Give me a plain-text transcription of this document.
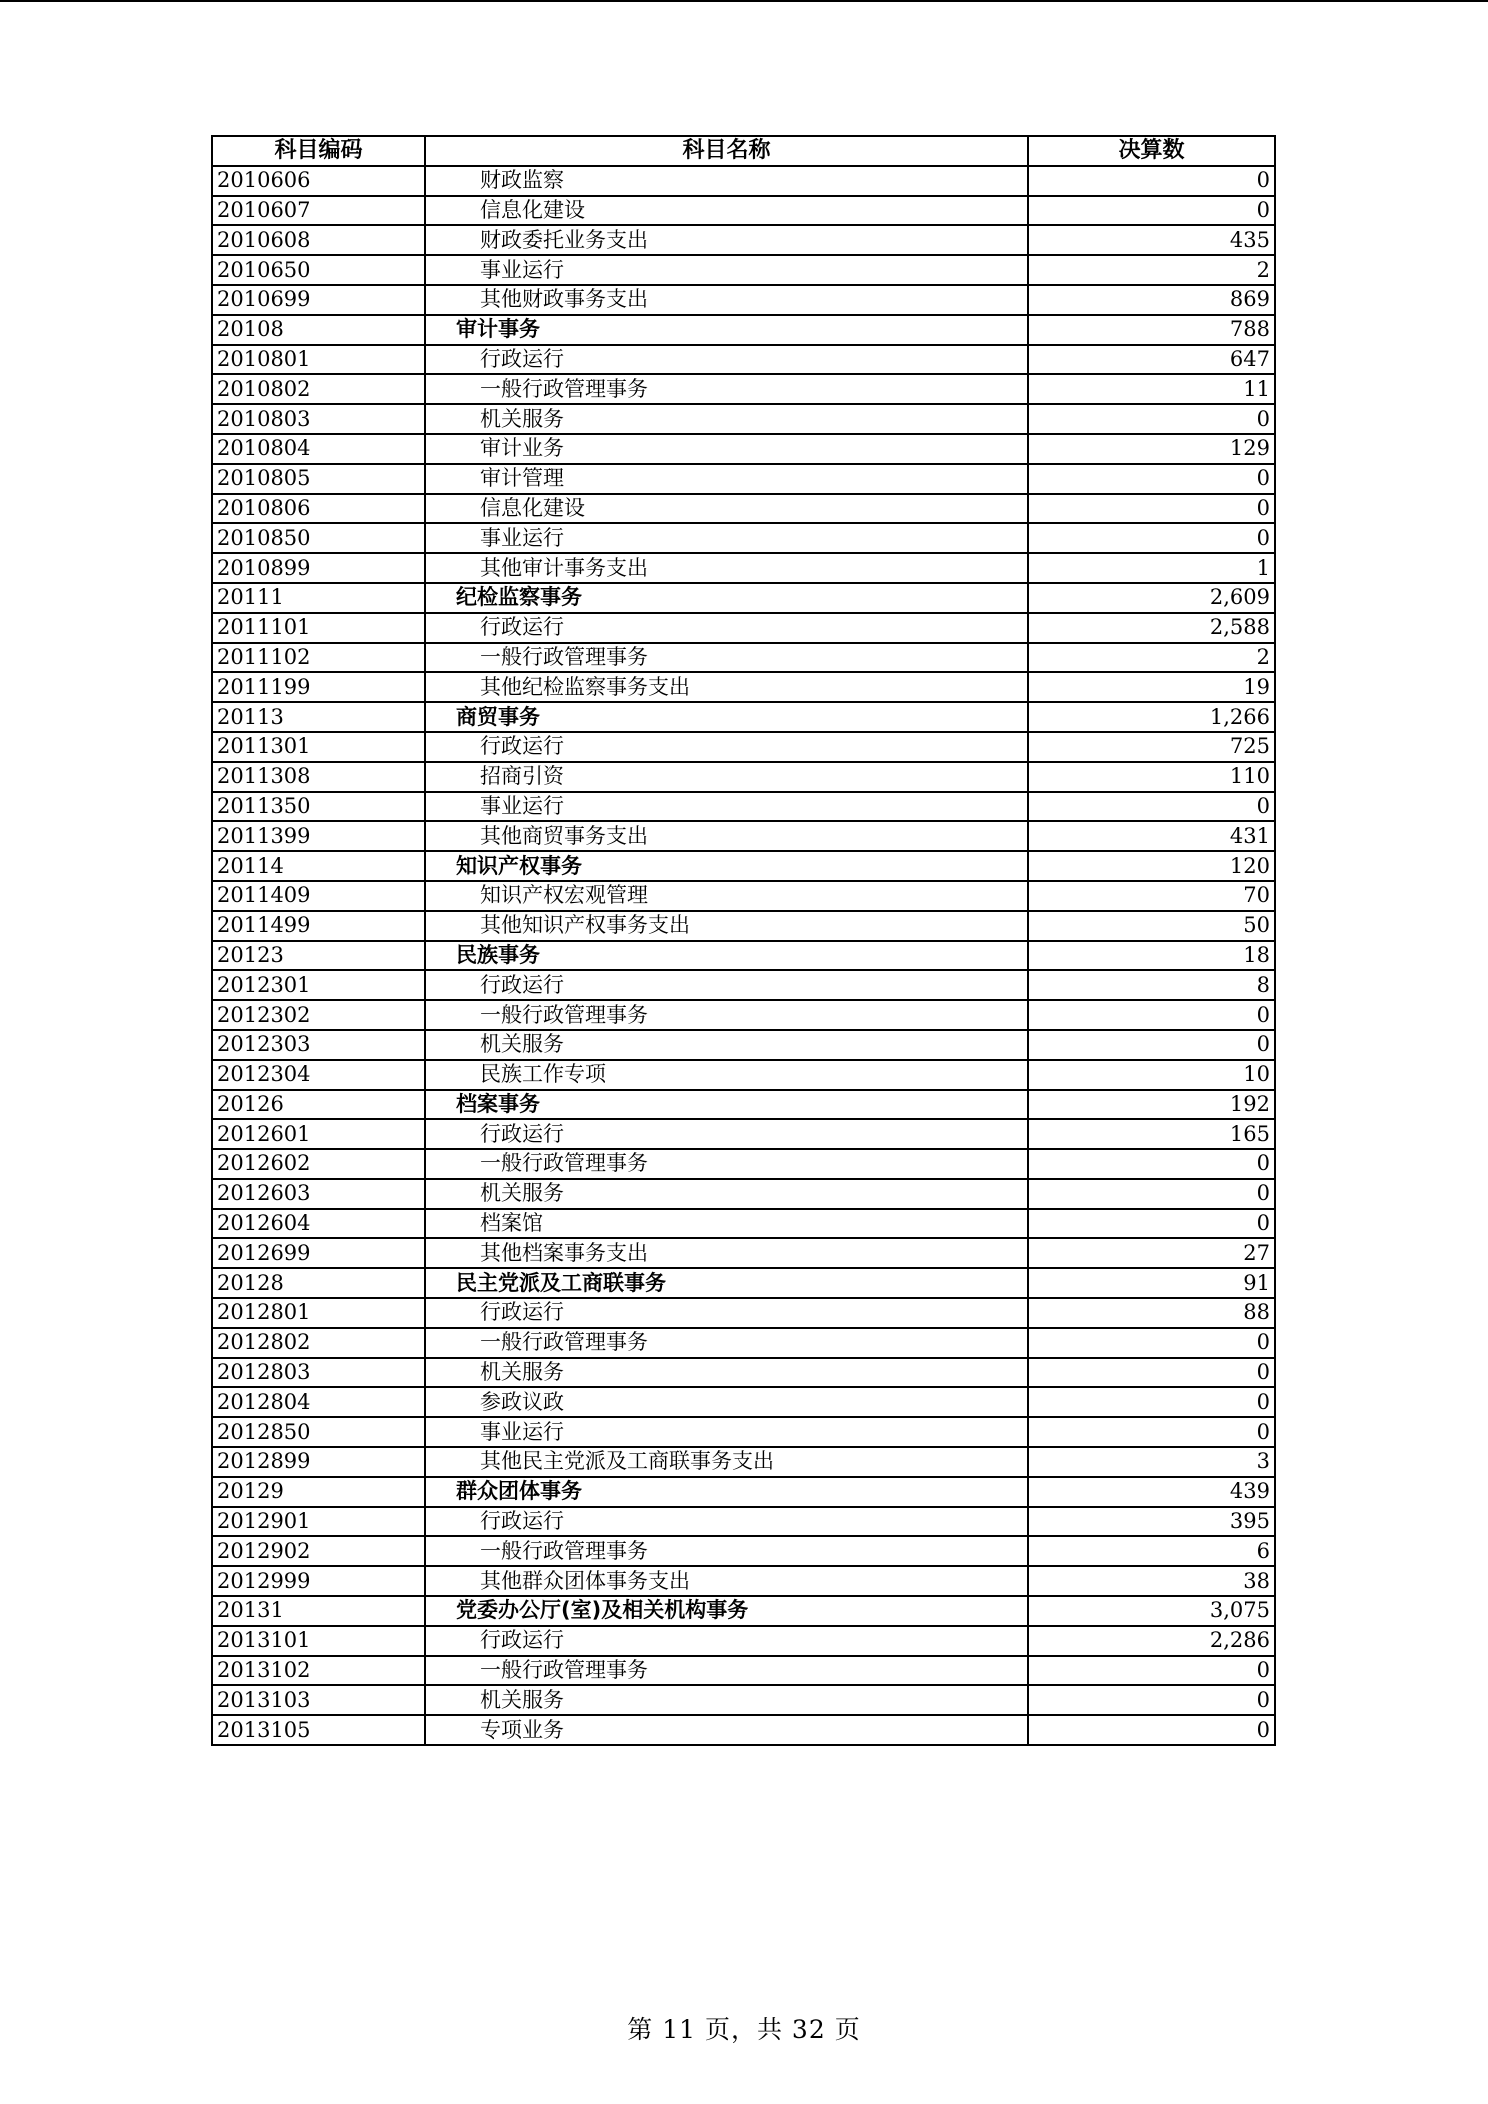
科目编码	科目名称	决算数
2010606	财政监察	0
2010607	信息化建设	0
2010608	财政委托业务支出	435
2010650	事业运行	2
2010699	其他财政事务支出	869
20108	审计事务	788
2010801	行政运行	647
2010802	一般行政管理事务	11
2010803	机关服务	0
2010804	审计业务	129
2010805	审计管理	0
2010806	信息化建设	0
2010850	事业运行	0
2010899	其他审计事务支出	1
20111	纪检监察事务	2,609
2011101	行政运行	2,588
2011102	一般行政管理事务	2
2011199	其他纪检监察事务支出	19
20113	商贸事务	1,266
2011301	行政运行	725
2011308	招商引资	110
2011350	事业运行	0
2011399	其他商贸事务支出	431
20114	知识产权事务	120
2011409	知识产权宏观管理	70
2011499	其他知识产权事务支出	50
20123	民族事务	18
2012301	行政运行	8
2012302	一般行政管理事务	0
2012303	机关服务	0
2012304	民族工作专项	10
20126	档案事务	192
2012601	行政运行	165
2012602	一般行政管理事务	0
2012603	机关服务	0
2012604	档案馆	0
2012699	其他档案事务支出	27
20128	民主党派及工商联事务	91
2012801	行政运行	88
2012802	一般行政管理事务	0
2012803	机关服务	0
2012804	参政议政	0
2012850	事业运行	0
2012899	其他民主党派及工商联事务支出	3
20129	群众团体事务	439
2012901	行政运行	395
2012902	一般行政管理事务	6
2012999	其他群众团体事务支出	38
20131	党委办公厅(室)及相关机构事务	3,075
2013101	行政运行	2,286
2013102	一般行政管理事务	0
2013103	机关服务	0
2013105	专项业务	0
第 11 页，共 32 页
